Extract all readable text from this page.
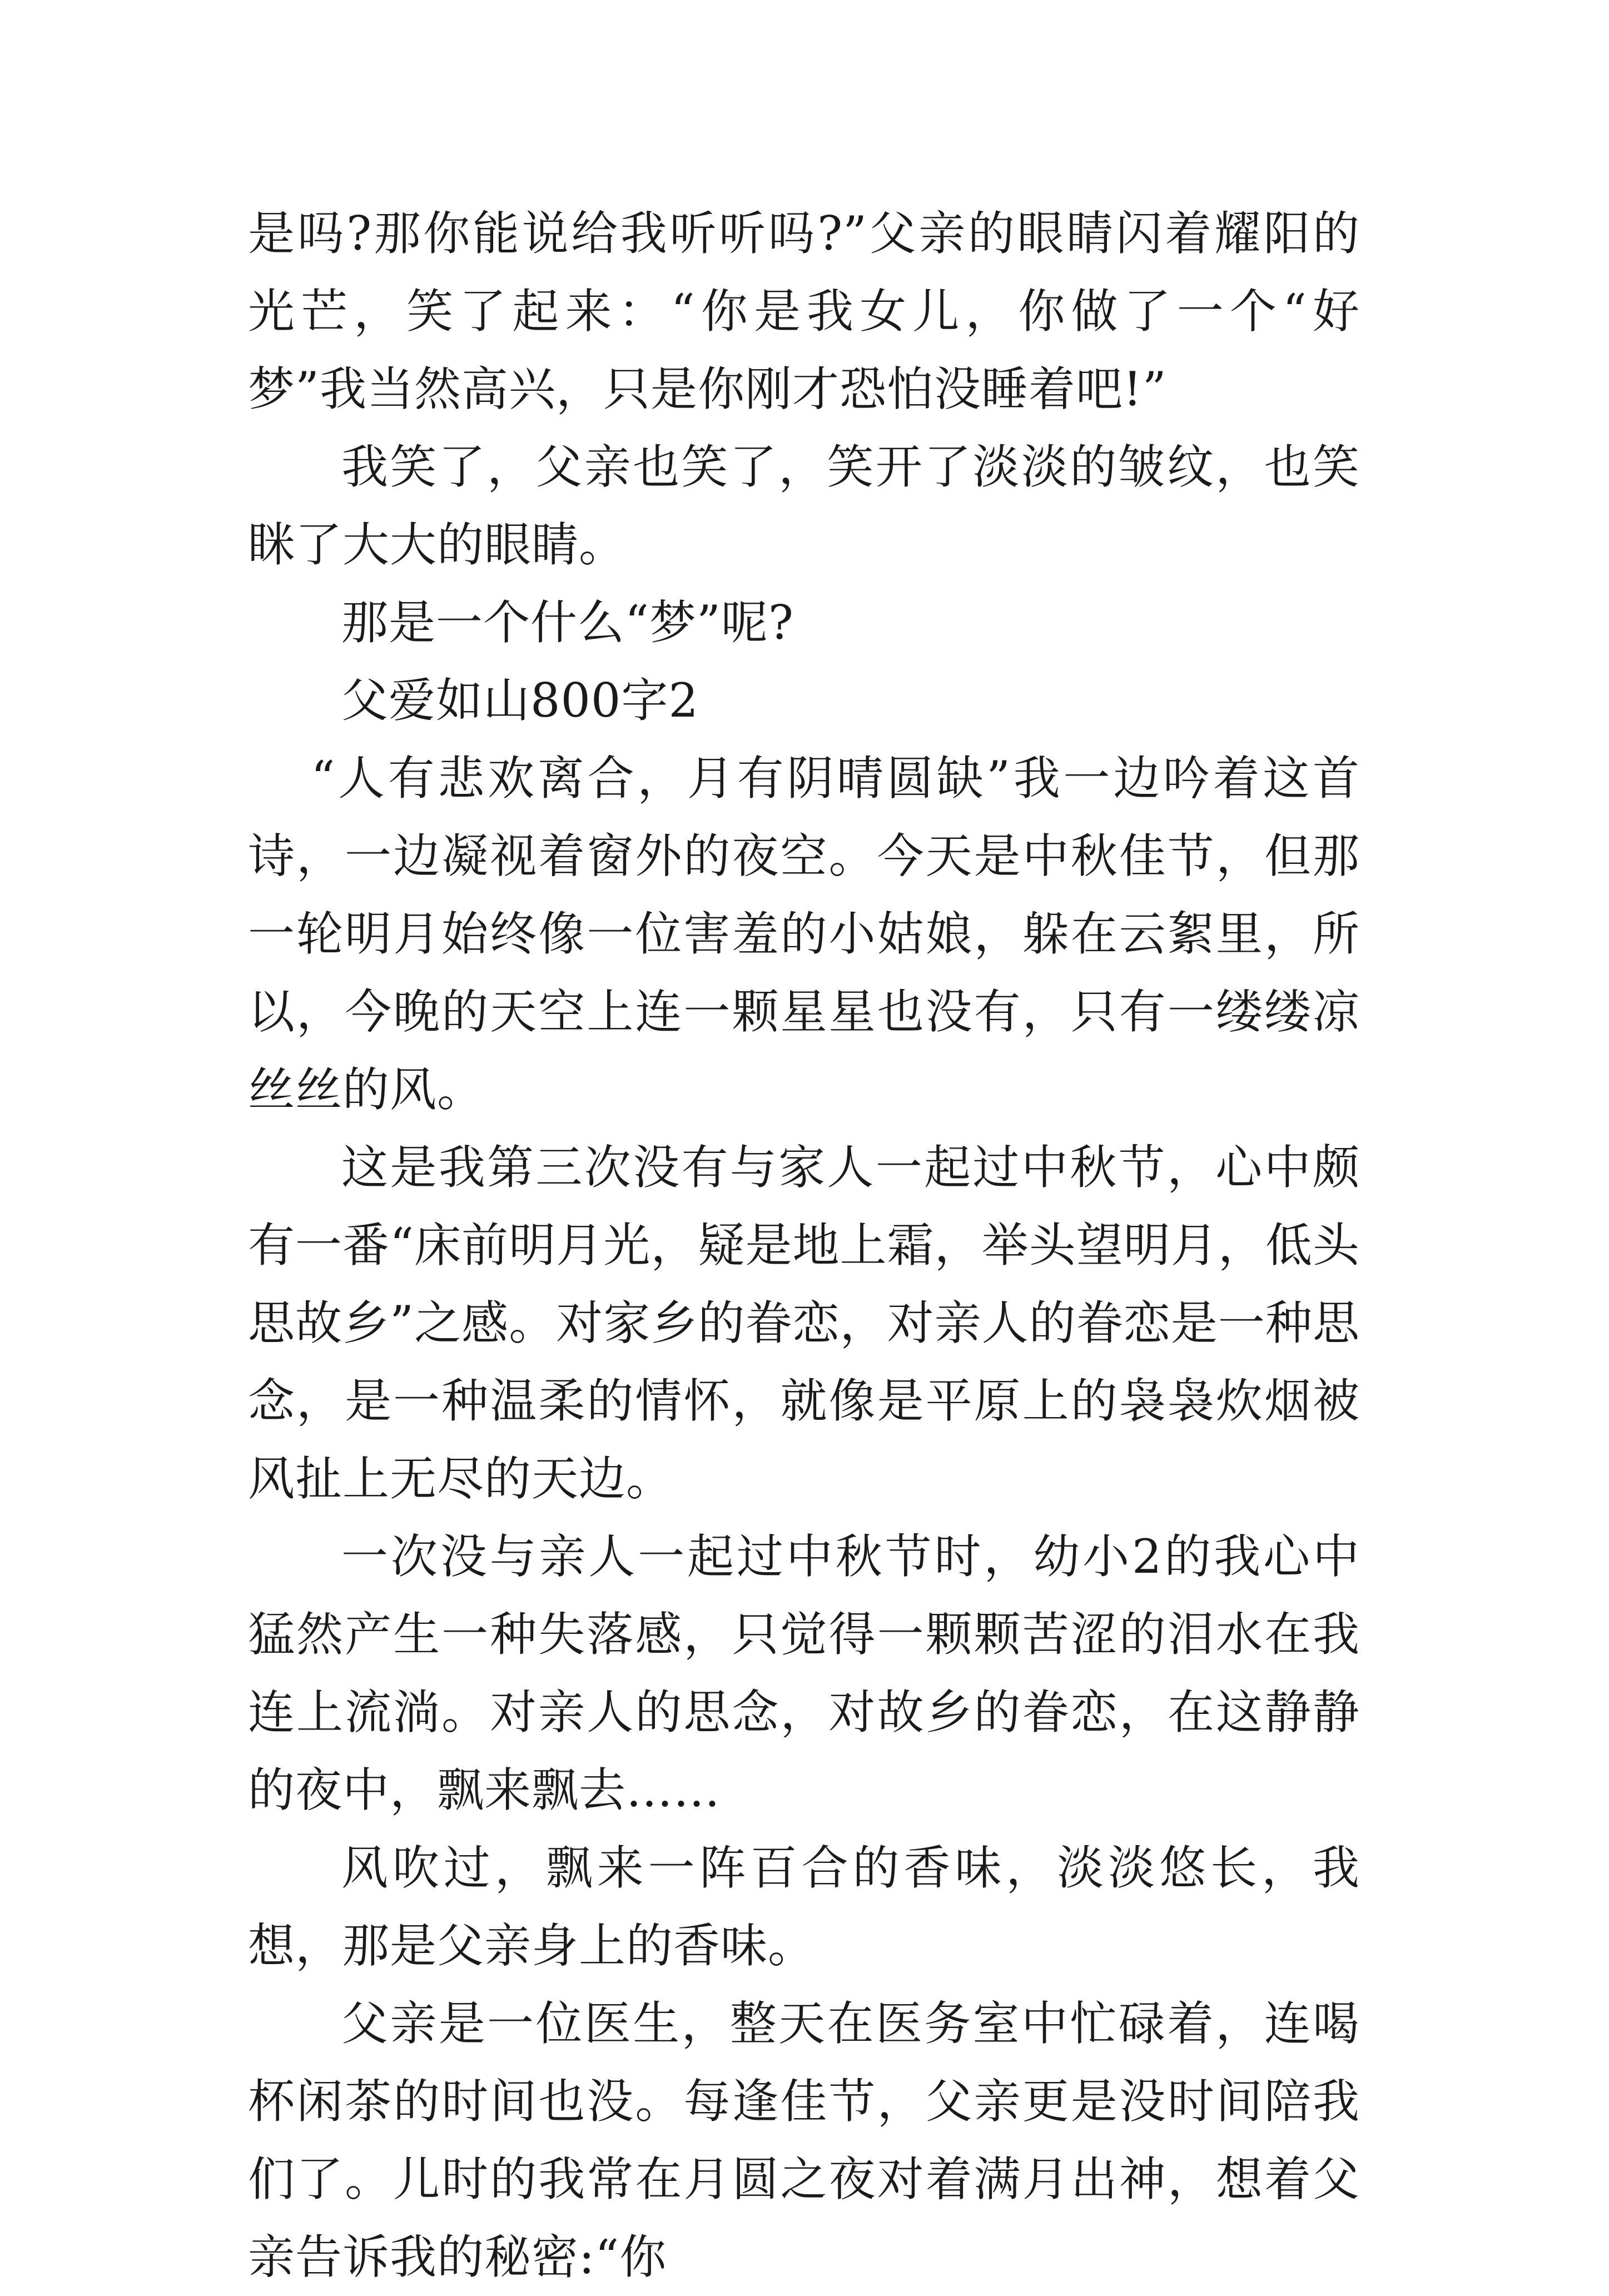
是吗?那你能说给我听听吗?”父亲的眼睛闪着耀阳的光芒，笑了起来：“你是我女儿，你做了一个“好梦”我当然高兴，只是你刚才恐怕没睡着吧!”

我笑了，父亲也笑了，笑开了淡淡的皱纹，也笑眯了大大的眼睛。

那是一个什么“梦”呢?

父爱如山800字2

“人有悲欢离合，月有阴晴圆缺”我一边吟着这首诗，一边凝视着窗外的夜空。今天是中秋佳节，但那一轮明月始终像一位害羞的小姑娘，躲在云絮里，所以，今晚的天空上连一颗星星也没有，只有一缕缕凉丝丝的风。

这是我第三次没有与家人一起过中秋节，心中颇有一番“床前明月光，疑是地上霜，举头望明月，低头思故乡”之感。对家乡的眷恋，对亲人的眷恋是一种思念，是一种温柔的情怀，就像是平原上的袅袅炊烟被风扯上无尽的天边。

一次没与亲人一起过中秋节时，幼小2的我心中猛然产生一种失落感，只觉得一颗颗苦涩的泪水在我连上流淌。对亲人的思念，对故乡的眷恋，在这静静的夜中，飘来飘去……

风吹过，飘来一阵百合的香味，淡淡悠长，我想，那是父亲身上的香味。

父亲是一位医生，整天在医务室中忙碌着，连喝杯闲茶的时间也没。每逢佳节，父亲更是没时间陪我们了。儿时的我常在月圆之夜对着满月出神，想着父亲告诉我的秘密:“你
